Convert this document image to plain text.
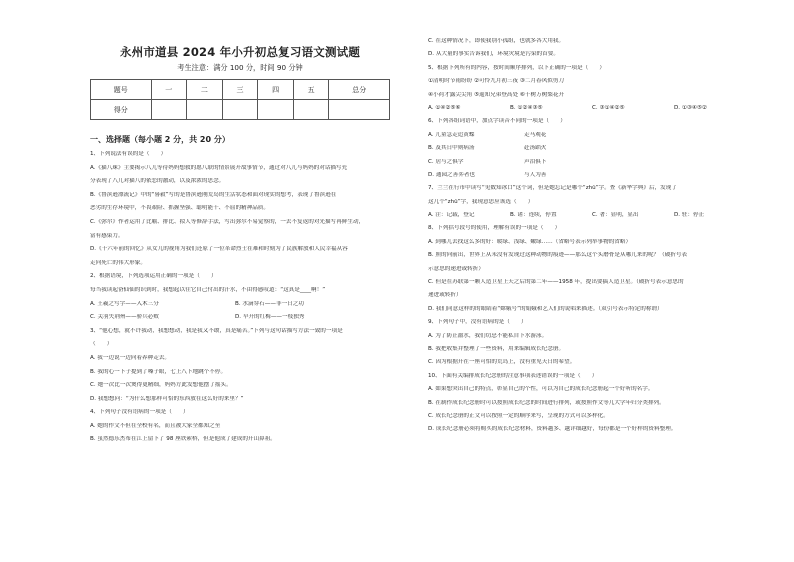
永州市道县 2024 年小升初总复习语文测试题
考生注意：满分 100 分，时间 90 分钟
题号	一	二	三	四	五	总分
得分						
一、选择题（每小题 2 分，共 20 分）
1、下列说法有误的是（　　）
A.《猫八珠》主要揭示八儿等待妈妈想救的愿八联的情景展开故事情节，通过对八儿与妈妈的对话描写充
分表现了八儿对猫八的依恋的激动，以及浓浓的思念。
B.《鲁滨逊漂流记》中的“晷毅”写的是鲁滨逊刚荒岛的生活状态和面对现实的想考，表现了鲁滨逊在
恶劣的生存环境中，不畏艰险、抓握坚强、聪明能干、不屈的精神品质。
C.《弥尔》作者运用了比喻、排比、拟人等修辞手法，写出弥尔不易觉察的，一去不复返的对光描写再鲜生动，
富有感染力。
D.《十六年前的回忆》从女儿的视角为我们还原了一位革命烈士在难和时刻为了民族解放和人民幸福从容
走向死亡的伟大形象。
2、根据语境，下列选项运用正确的一项是（　　）
每当我读起奋仙仙的识到时，我想起以往它自己付出的汗水，不由得感叹道：“这真是____啊！”
A. 王羲之写字——入木三分	B. 水滴穿石——非一日之功
C. 关羽失荆州——骄兵必败	D. 早开的红梅——一枝独秀
3、“他心想，就不许我动，我想想动，我是我又不敢，真是痛苦。”下列与这句话描写方法一致的一项是
（　　）
A. 我一边说一边向着养种走去。
B. 我的心一下子提到了嗓子眼，七上八下地跳个不停。
C. 她一次比一次煲得更精细，妈妈方此发想他摆了摇头。
D. 我想想问：“为什么想那样可恰的东西放在这么好的来里？”
4、下列句子没有语病的一项是（　　）
A. 她的作文不但在全校有名，而且被大家全都知之至
B. 虽然德乐杰布在江上留下了 98 座铁索桥，但是他成了建成的开山鼻祖。
C. 在这种情况下，即使我别小孤组，也就多各大用我。
D. 从大量的事实告诉我们，环境灾境是污染的首要。
5、根据下列所有的内容，按时间顺序排列，以下正确的一项是（　　）
①清明时节雨纷纷 ②可怜九月初三夜 ③二月春风似剪刀
④小荷才露尖尖角 ⑤遥知兄弟登高处 ⑥千树万树梨花开
A. ①④②⑤⑥	B. ①②④③⑤	C. ③①④②⑤	D. ①③④⑤②
6、下列各组词语中，加点字读音不同的一项是（　　）
A. 儿童急走追黄蝶	走马观花
B. 及其日中则病汤	赴汤蹈火
C. 居与之俱学	声泪俱下
D. 通园之善弈者也	与人为善
7、兰兰在行市中读写“见数知冰口”这个词，但是她忘记是哪个“zhǔ”字。查《新华字典》后，发现了
这几个“zhǔ”字，我现意思应该选（　　）
A. 注：记载，登记	B. 诸：连续，停置	C. 著：显明，显出	D. 驻：停止
8、下列括号段号的使用，理解有误的一项是（　　）
A. 到哪儿去找这么多的好：暖绿、浅绿、嫩绿……（省略号表示列举事物的省略）
B. 照的向前出，世界上从未没有发现过这种动物的痕迹——那么这个头磨骨是从哪儿来的呢？（破折号表
示意思的递进或转折）
C. 但是在苏联第一颗人造卫星上天之后的第二年——1958 年，提出要搞人造卫星。（破折号表示意思的
递进或转折）
D. 我们同意这样的的眼睛着“嫦娥号”的娟娥和艺人们的说唱来描述。（双引号表示特定的称谓）
9、下列句子中，没有语病的是（　　）
A. 为了防止溺水，我们切忌不能私自下水游泳。
B. 我把收集并整理了一些资料，用来编辑成长纪念册。
C. 因为根据开在一座可怕的荒岛上，没有重见天日的希望。
10、下面有关编排成长纪念册的注意事项表述错误的一项是（　　）
A. 如果想突出自己的特点，彰显自己的个性，可以为自己的成长纪念册起一个好听的名字。
B. 在制作成长纪念册时可以按照成长纪念的时间进行排列，或按照作文等几大学年归分类排列。
C. 成长纪念册的正文可以按照一定的顺序来写，呈现的方式可以多样化。
D. 成长纪念册必须将购买的成长纪念材料，资料越多、越详细越好，每份都是一个好样的资料整理。
